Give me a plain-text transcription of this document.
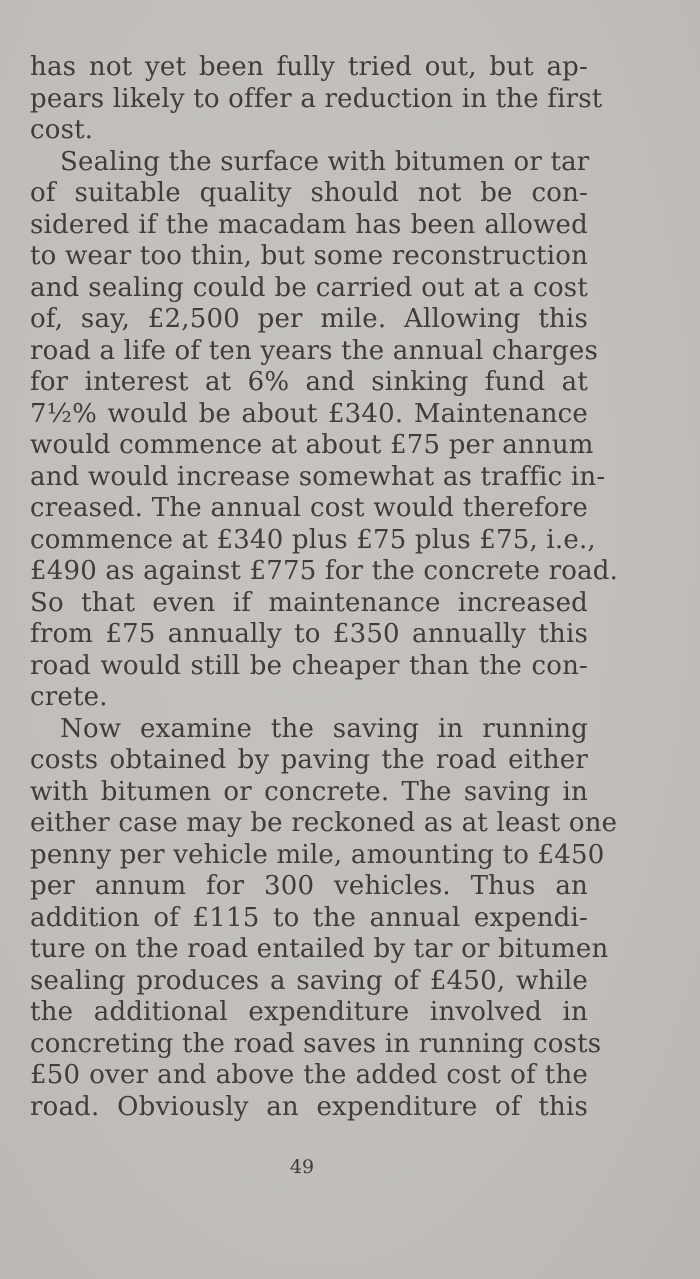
has not yet been fully tried out, but ap-
pears likely to offer a reduction in the first
cost.
Sealing the surface with bitumen or tar
of suitable quality should not be con-
sidered if the macadam has been allowed
to wear too thin, but some reconstruction
and sealing could be carried out at a cost
of, say, £2,500 per mile. Allowing this
road a life of ten years the annual charges
for interest at 6% and sinking fund at
7½% would be about £340. Maintenance
would commence at about £75 per annum
and would increase somewhat as traffic in-
creased. The annual cost would therefore
commence at £340 plus £75 plus £75, i.e.,
£490 as against £775 for the concrete road.
So that even if maintenance increased
from £75 annually to £350 annually this
road would still be cheaper than the con-
crete.
Now examine the saving in running
costs obtained by paving the road either
with bitumen or concrete. The saving in
either case may be reckoned as at least one
penny per vehicle mile, amounting to £450
per annum for 300 vehicles. Thus an
addition of £115 to the annual expendi-
ture on the road entailed by tar or bitumen
sealing produces a saving of £450, while
the additional expenditure involved in
concreting the road saves in running costs
£50 over and above the added cost of the
road. Obviously an expenditure of this
49
